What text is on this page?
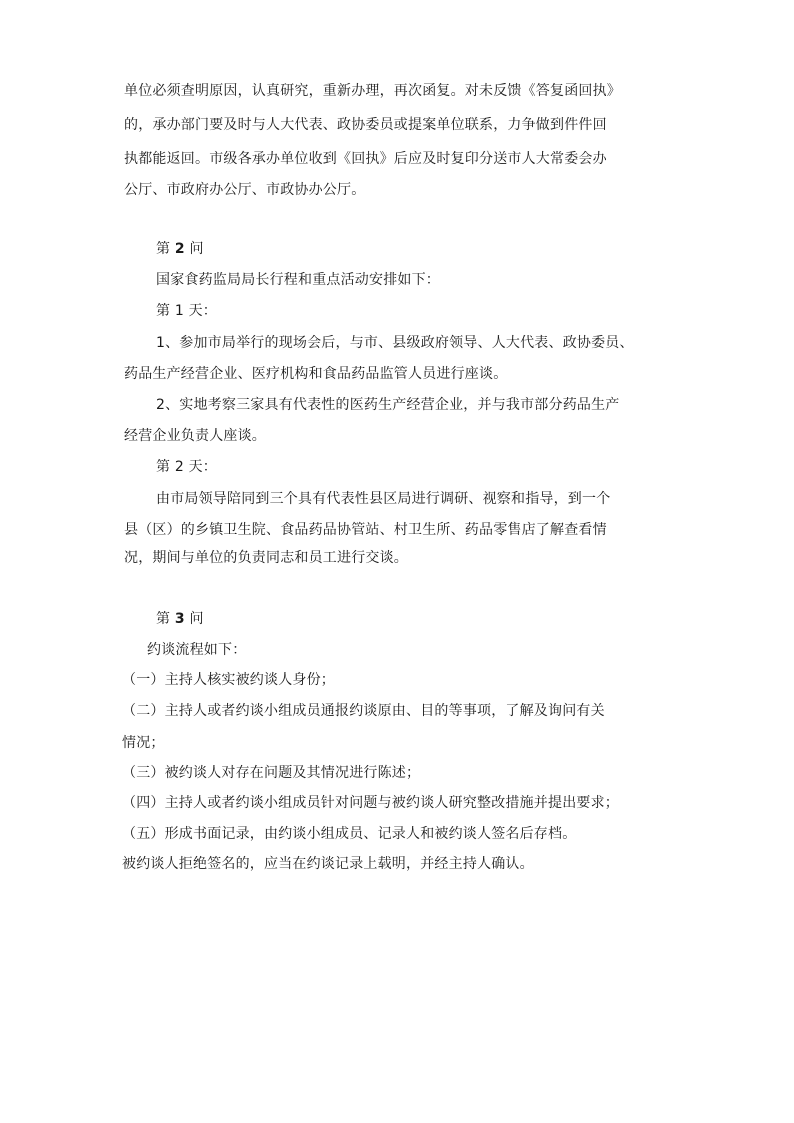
单位必须查明原因，认真研究，重新办理，再次函复。对未反馈《答复函回执》
的，承办部门要及时与人大代表、政协委员或提案单位联系，力争做到件件回
执都能返回。市级各承办单位收到《回执》后应及时复印分送市人大常委会办
公厅、市政府办公厅、市政协办公厅。
第 2 问
国家食药监局局长行程和重点活动安排如下：
第 1 天：
1、参加市局举行的现场会后，与市、县级政府领导、人大代表、政协委员、
药品生产经营企业、医疗机构和食品药品监管人员进行座谈。
2、实地考察三家具有代表性的医药生产经营企业，并与我市部分药品生产
经营企业负责人座谈。
第 2 天：
由市局领导陪同到三个具有代表性县区局进行调研、视察和指导，到一个
县（区）的乡镇卫生院、食品药品协管站、村卫生所、药品零售店了解查看情
况，期间与单位的负责同志和员工进行交谈。
第 3 问
约谈流程如下：
（一）主持人核实被约谈人身份；
（二）主持人或者约谈小组成员通报约谈原由、目的等事项，了解及询问有关
情况；
（三）被约谈人对存在问题及其情况进行陈述；
（四）主持人或者约谈小组成员针对问题与被约谈人研究整改措施并提出要求；
（五）形成书面记录，由约谈小组成员、记录人和被约谈人签名后存档。
被约谈人拒绝签名的，应当在约谈记录上载明，并经主持人确认。
